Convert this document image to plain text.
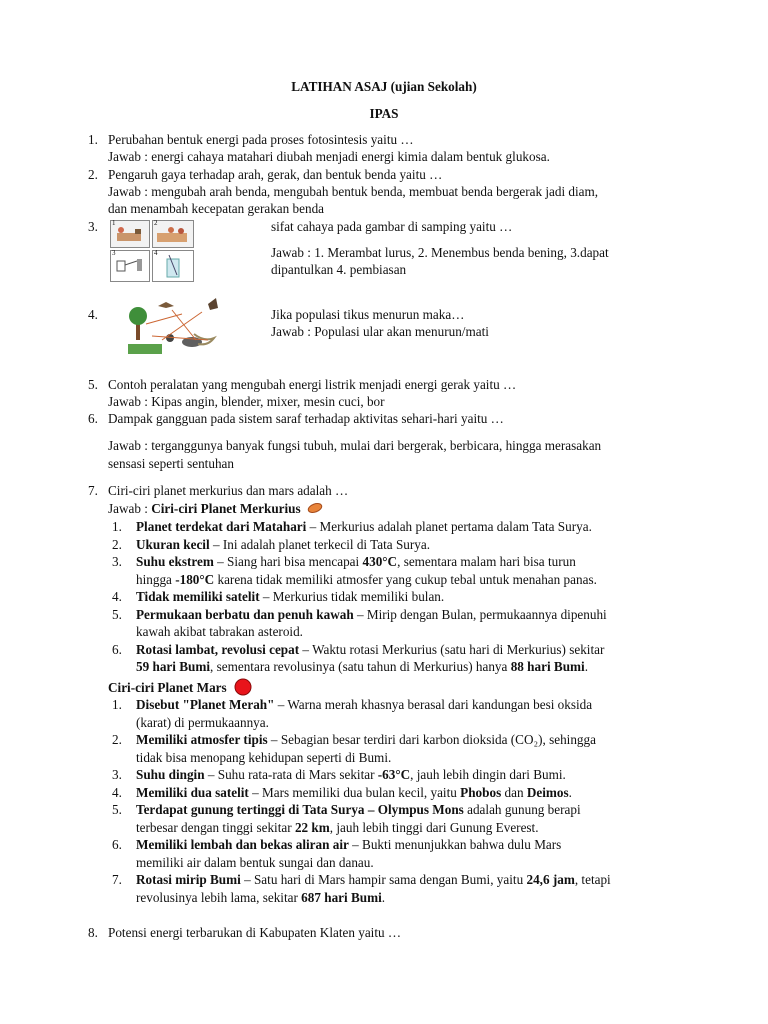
LATIHAN ASAJ (ujian Sekolah)
IPAS
1. Perubahan bentuk energi pada proses fotosintesis yaitu …
Jawab : energi cahaya matahari diubah menjadi energi kimia dalam bentuk glukosa.
2. Pengaruh gaya terhadap arah, gerak, dan bentuk benda yaitu …
Jawab : mengubah arah benda, mengubah bentuk benda, membuat benda bergerak jadi diam,
dan menambah kecepatan gerakan benda
3. 1	2
3	4
sifat cahaya pada gambar di samping yaitu …
Jawab : 1. Merambat lurus, 2. Menembus benda bening, 3.dapat
dipantulkan 4. pembiasan
4.	Jika populasi tikus menurun maka…
Jawab : Populasi ular akan menurun/mati
5. Contoh peralatan yang mengubah energi listrik menjadi energi gerak yaitu …
Jawab : Kipas angin, blender, mixer, mesin cuci, bor
6. Dampak gangguan pada sistem saraf terhadap aktivitas sehari-hari yaitu …
Jawab : terganggunya banyak fungsi tubuh, mulai dari bergerak, berbicara, hingga merasakan
sensasi seperti sentuhan
7. Ciri-ciri planet merkurius dan mars adalah …
Jawab : Ciri-ciri Planet Merkurius
1. Planet terdekat dari Matahari – Merkurius adalah planet pertama dalam Tata Surya.
2. Ukuran kecil – Ini adalah planet terkecil di Tata Surya.
3. Suhu ekstrem – Siang hari bisa mencapai 430°C, sementara malam hari bisa turun
hingga -180°C karena tidak memiliki atmosfer yang cukup tebal untuk menahan panas.
4. Tidak memiliki satelit – Merkurius tidak memiliki bulan.
5. Permukaan berbatu dan penuh kawah – Mirip dengan Bulan, permukaannya dipenuhi
kawah akibat tabrakan asteroid.
6. Rotasi lambat, revolusi cepat – Waktu rotasi Merkurius (satu hari di Merkurius) sekitar
59 hari Bumi, sementara revolusinya (satu tahun di Merkurius) hanya 88 hari Bumi.
Ciri-ciri Planet Mars
1. Disebut "Planet Merah" – Warna merah khasnya berasal dari kandungan besi oksida
(karat) di permukaannya.
2. Memiliki atmosfer tipis – Sebagian besar terdiri dari karbon dioksida (CO₂), sehingga
tidak bisa menopang kehidupan seperti di Bumi.
3. Suhu dingin – Suhu rata-rata di Mars sekitar -63°C, jauh lebih dingin dari Bumi.
4. Memiliki dua satelit – Mars memiliki dua bulan kecil, yaitu Phobos dan Deimos.
5. Terdapat gunung tertinggi di Tata Surya – Olympus Mons adalah gunung berapi
terbesar dengan tinggi sekitar 22 km, jauh lebih tinggi dari Gunung Everest.
6. Memiliki lembah dan bekas aliran air – Bukti menunjukkan bahwa dulu Mars
memiliki air dalam bentuk sungai dan danau.
7. Rotasi mirip Bumi – Satu hari di Mars hampir sama dengan Bumi, yaitu 24,6 jam, tetapi
revolusinya lebih lama, sekitar 687 hari Bumi.
8. Potensi energi terbarukan di Kabupaten Klaten yaitu …
